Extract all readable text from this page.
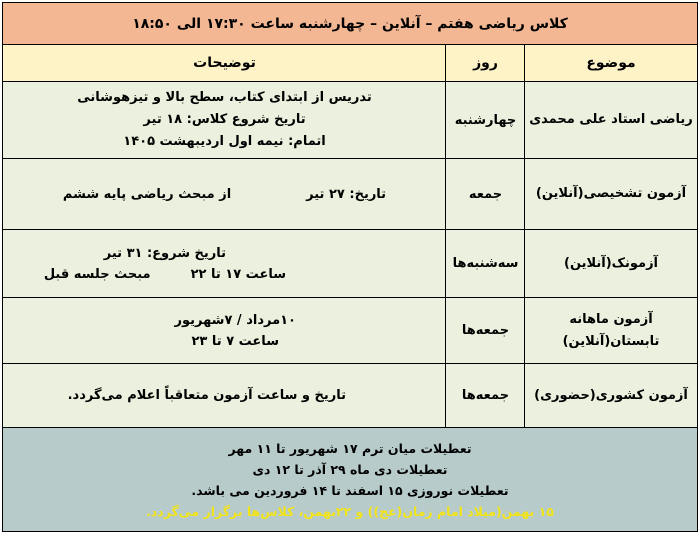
کلاس ریاضی هفتم – آنلاین – چهارشنبه ساعت ۱۷:۳۰ الی ۱۸:۵۰
موضوع
روز
توضیحات
ریاضی استاد علی محمدی
چهارشنبه
تدریس از ابتدای کتاب، سطح بالا و تیزهوشانی
تاریخ شروع کلاس: ۱۸ تیر
اتمام: نیمه اول اردیبهشت ۱۴۰۵
آزمون تشخیصی(آنلاین)
جمعه
تاریخ: ۲۷ تیر
از مبحث ریاضی پایه ششم
آزمونک(آنلاین)
سه‌شنبه‌ها
تاریخ شروع: ۳۱ تیر
ساعت ۱۷ تا ۲۲
مبحث جلسه قبل
آزمون ماهانه
تابستان(آنلاین)
جمعه‌ها
۱۰مرداد / ۷شهریور
ساعت ۷ تا ۲۳
آزمون کشوری(حضوری)
جمعه‌ها
تاریخ و ساعت آزمون متعاقباً اعلام می‌گردد.
تعطیلات میان ترم ۱۷ شهریور تا ۱۱ مهر
تعطیلات دی ماه ۲۹ آذر تا ۱۲ دی
تعطیلات نوروزی ۱۵ اسفند تا ۱۴ فروردین می باشد.
۱۵ بهمن(میلاد امام زمان(عج)) و ۲۲بهمن، کلاس‌ها برگزار می‌گردد.
